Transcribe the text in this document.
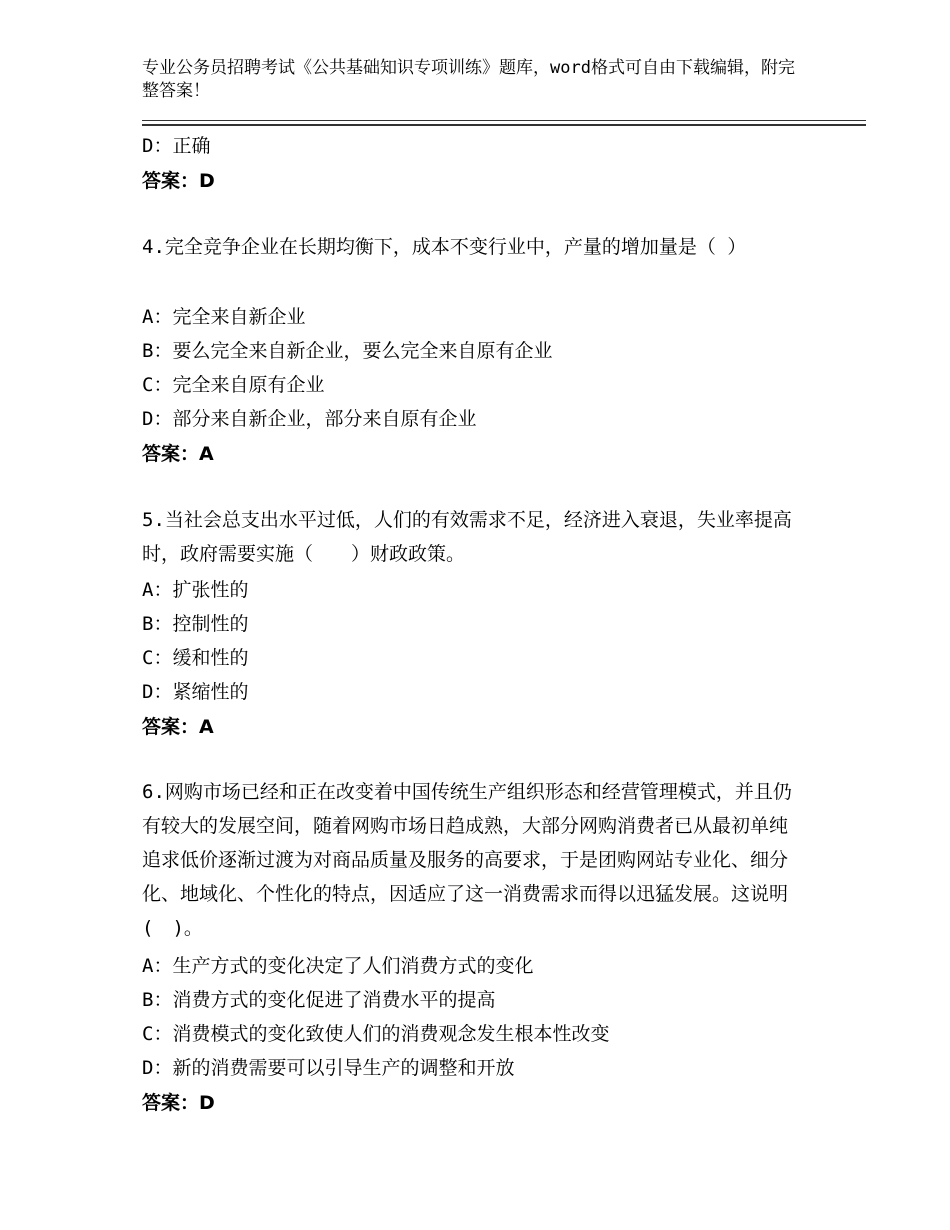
专业公务员招聘考试《公共基础知识专项训练》题库，word格式可自由下载编辑，附完整答案！
D：正确
答案：D
4.完全竞争企业在长期均衡下，成本不变行业中，产量的增加量是（ ）
A：完全来自新企业
B：要么完全来自新企业，要么完全来自原有企业
C：完全来自原有企业
D：部分来自新企业，部分来自原有企业
答案：A
5.当社会总支出水平过低，人们的有效需求不足，经济进入衰退，失业率提高时，政府需要实施（　　）财政政策。
A：扩张性的
B：控制性的
C：缓和性的
D：紧缩性的
答案：A
6.网购市场已经和正在改变着中国传统生产组织形态和经营管理模式，并且仍有较大的发展空间，随着网购市场日趋成熟，大部分网购消费者已从最初单纯追求低价逐渐过渡为对商品质量及服务的高要求，于是团购网站专业化、细分化、地域化、个性化的特点，因适应了这一消费需求而得以迅猛发展。这说明(　)。
A：生产方式的变化决定了人们消费方式的变化
B：消费方式的变化促进了消费水平的提高
C：消费模式的变化致使人们的消费观念发生根本性改变
D：新的消费需要可以引导生产的调整和开放
答案：D
